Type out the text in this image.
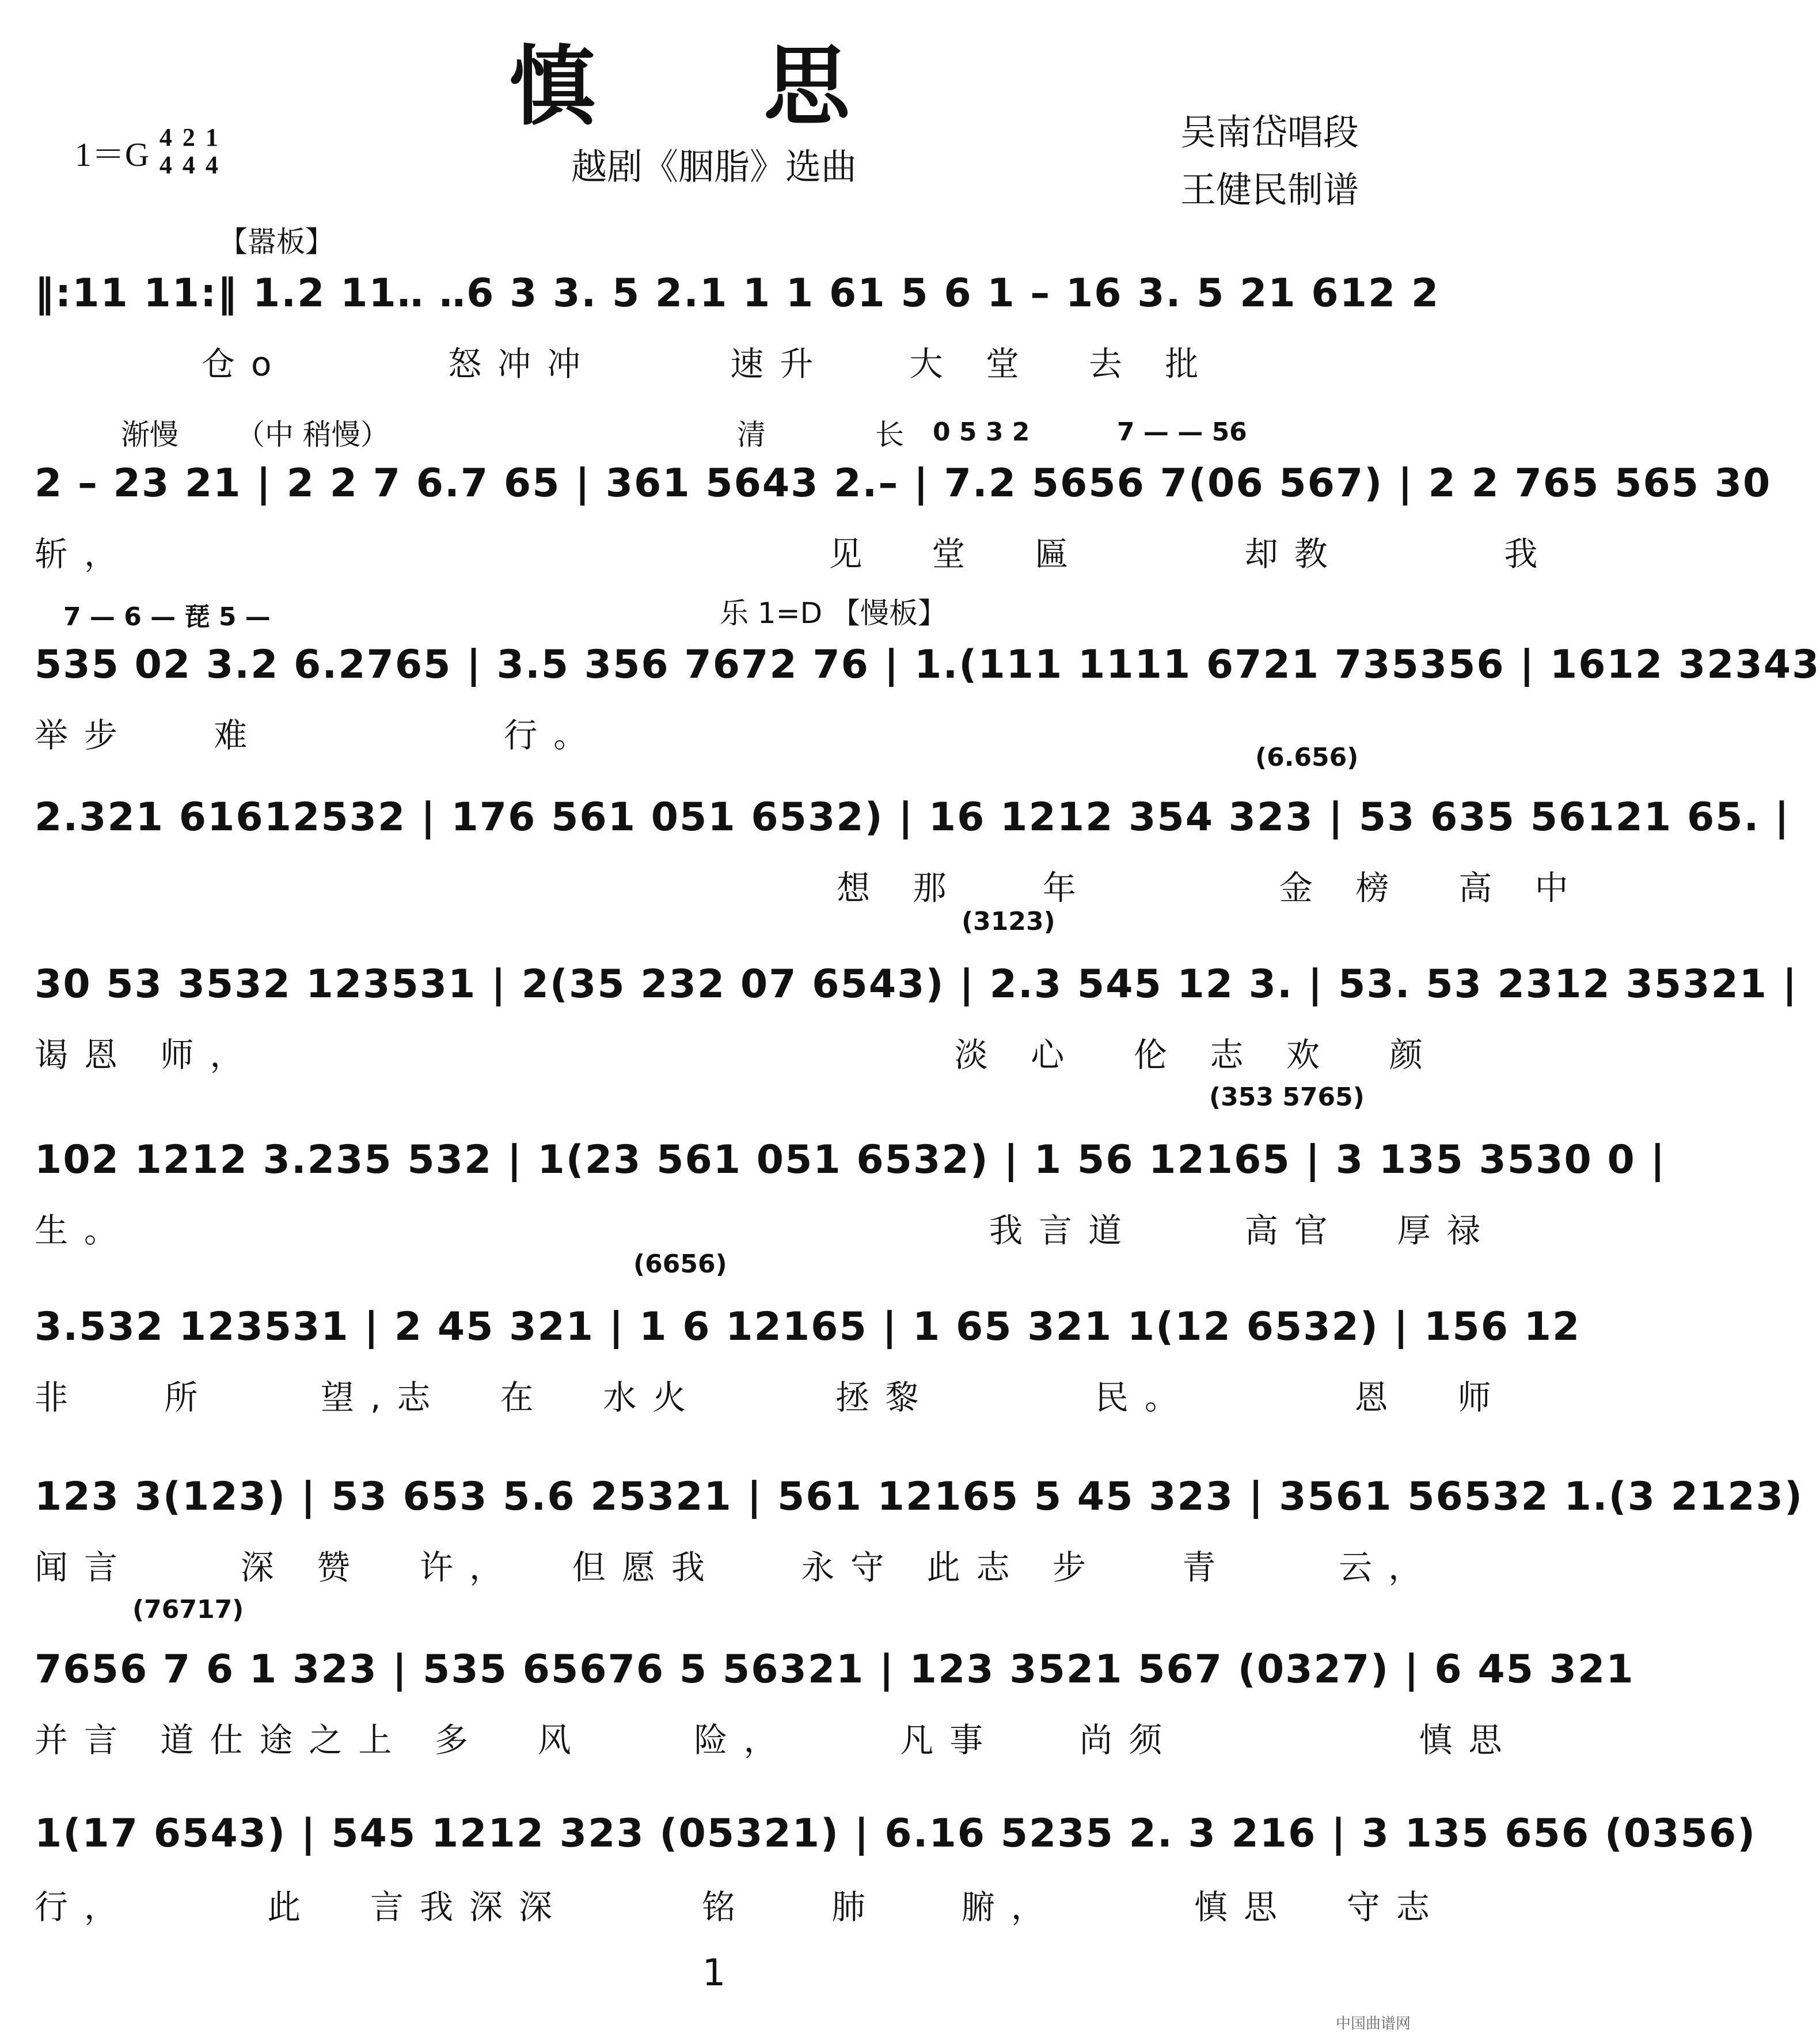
慎 思
越剧《胭脂》选曲
1＝G 4
4
2
4
1
4
吴南岱唱段
王健民制谱
【嚣板】
‖:11 11:‖ 1.2 11‥ ‥6 3 3. 5 2.1 1 1 61 5 6 1 – 16 3. 5 21 612 2
仓o      怒冲冲     速升   大 堂  去 批
渐慢 （中 稍慢）	清	长 0 5 3 2	7 — — 56
2 – 23 21 | 2 2 7 6.7 65 | 361 5643 2.– | 7.2 5656 7(06 567) | 2 2 765 565 30
斩，                          见  堂  匾      却教      我
7 — 6 — 琵 5 —	乐 1=D 【慢板】
535 02 3.2 6.2765 | 3.5 356 7672 76 | 1.(111 1111 6721 735356 | 1612 32343
举步   难         行。
(6.656)
2.321 61612532 | 176 561 051 6532) | 16 1212 354 323 | 53 635 56121 65. |
想 那   年       金 榜  高 中
(3123)
30 53 3532 123531 | 2(35 232 07 6543) | 2.3 545 12 3. | 53. 53 2312 35321 |
谒恩 师，                          淡 心  伦 志 欢  颜
(353 5765)
102 1212 3.235 532 | 1(23 561 051 6532) | 1 56 12165 | 3 135 3530 0 |
生。                                我言道    高官  厚禄
(6656)
3.532 123531 | 2 45 321 | 1 6 12165 | 1 65 321 1(12 6532) | 156 12
非   所    望,志  在  水火     拯黎      民。      恩  师
123 3(123) | 53 653 5.6 25321 | 561 12165 5 45 323 | 3561 56532 1.(3 2123)
闻言    深 赞  许，  但愿我   永守 此志 步   青    云，
(76717)
7656 7 6 1 323 | 535 65676 5 56321 | 123 3521 567 (0327) | 6 45 321
并言 道仕途之上 多  风    险，    凡事   尚须         慎思
1(17 6543) | 545 1212 323 (05321) | 6.16 5235 2. 3 216 | 3 135 656 (0356)
行，     此  言我深深     铭   肺   腑，     慎思  守志
1
中国曲谱网
